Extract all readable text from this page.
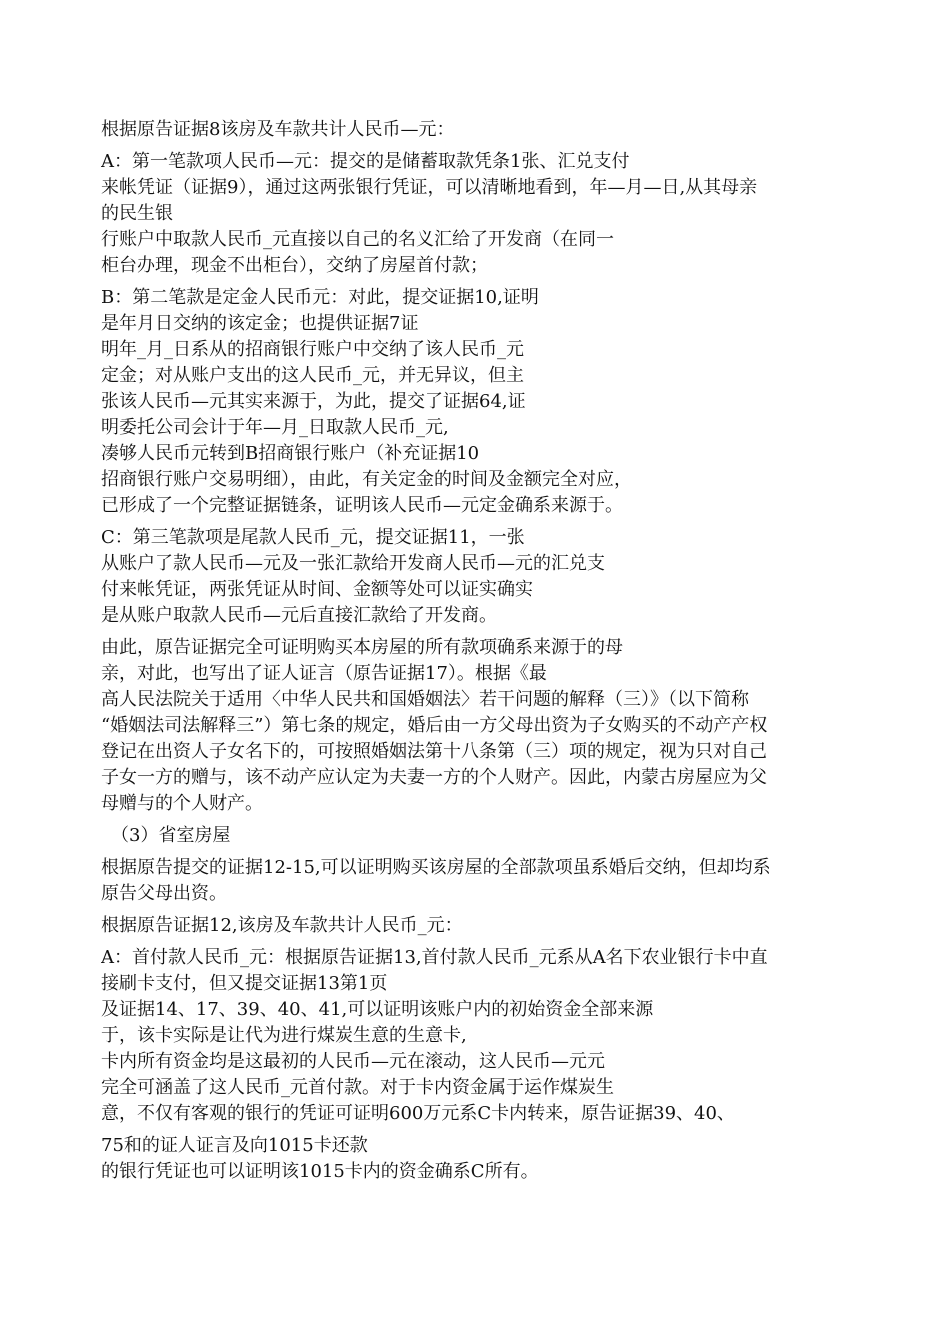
根据原告证据8该房及车款共计人民币—元：
A：第一笔款项人民币—元：提交的是储蓄取款凭条1张、汇兑支付
来帐凭证（证据9），通过这两张银行凭证，可以清晰地看到，年—月—日,从其母亲
的民生银
行账户中取款人民币_元直接以自己的名义汇给了开发商（在同一
柜台办理，现金不出柜台），交纳了房屋首付款；
B：第二笔款是定金人民币元：对此，提交证据10,证明
是年月日交纳的该定金；也提供证据7证
明年_月_日系从的招商银行账户中交纳了该人民币_元
定金；对从账户支出的这人民币_元，并无异议，但主
张该人民币—元其实来源于，为此，提交了证据64,证
明委托公司会计于年—月_日取款人民币_元,
凑够人民币元转到B招商银行账户（补充证据10
招商银行账户交易明细），由此，有关定金的时间及金额完全对应，
已形成了一个完整证据链条，证明该人民币—元定金确系来源于。
C：第三笔款项是尾款人民币_元，提交证据11，一张
从账户了款人民币—元及一张汇款给开发商人民币—元的汇兑支
付来帐凭证，两张凭证从时间、金额等处可以证实确实
是从账户取款人民币—元后直接汇款给了开发商。
由此，原告证据完全可证明购买本房屋的所有款项确系来源于的母
亲，对此，也写出了证人证言（原告证据17）。根据《最
高人民法院关于适用〈中华人民共和国婚姻法〉若干问题的解释（三）》（以下简称
“婚姻法司法解释三”）第七条的规定，婚后由一方父母出资为子女购买的不动产产权
登记在出资人子女名下的，可按照婚姻法第十八条第（三）项的规定，视为只对自己
子女一方的赠与，该不动产应认定为夫妻一方的个人财产。因此，内蒙古房屋应为父
母赠与的个人财产。
（3）省室房屋
根据原告提交的证据12-15,可以证明购买该房屋的全部款项虽系婚后交纳，但却均系
原告父母出资。
根据原告证据12,该房及车款共计人民币_元：
A：首付款人民币_元：根据原告证据13,首付款人民币_元系从A名下农业银行卡中直
接刷卡支付，但又提交证据13第1页
及证据14、17、39、40、41,可以证明该账户内的初始资金全部来源
于，该卡实际是让代为进行煤炭生意的生意卡,
卡内所有资金均是这最初的人民币—元在滚动，这人民币—元元
完全可涵盖了这人民币_元首付款。对于卡内资金属于运作煤炭生
意，不仅有客观的银行的凭证可证明600万元系C卡内转来，原告证据39、40、
75和的证人证言及向1015卡还款
的银行凭证也可以证明该1015卡内的资金确系C所有。
